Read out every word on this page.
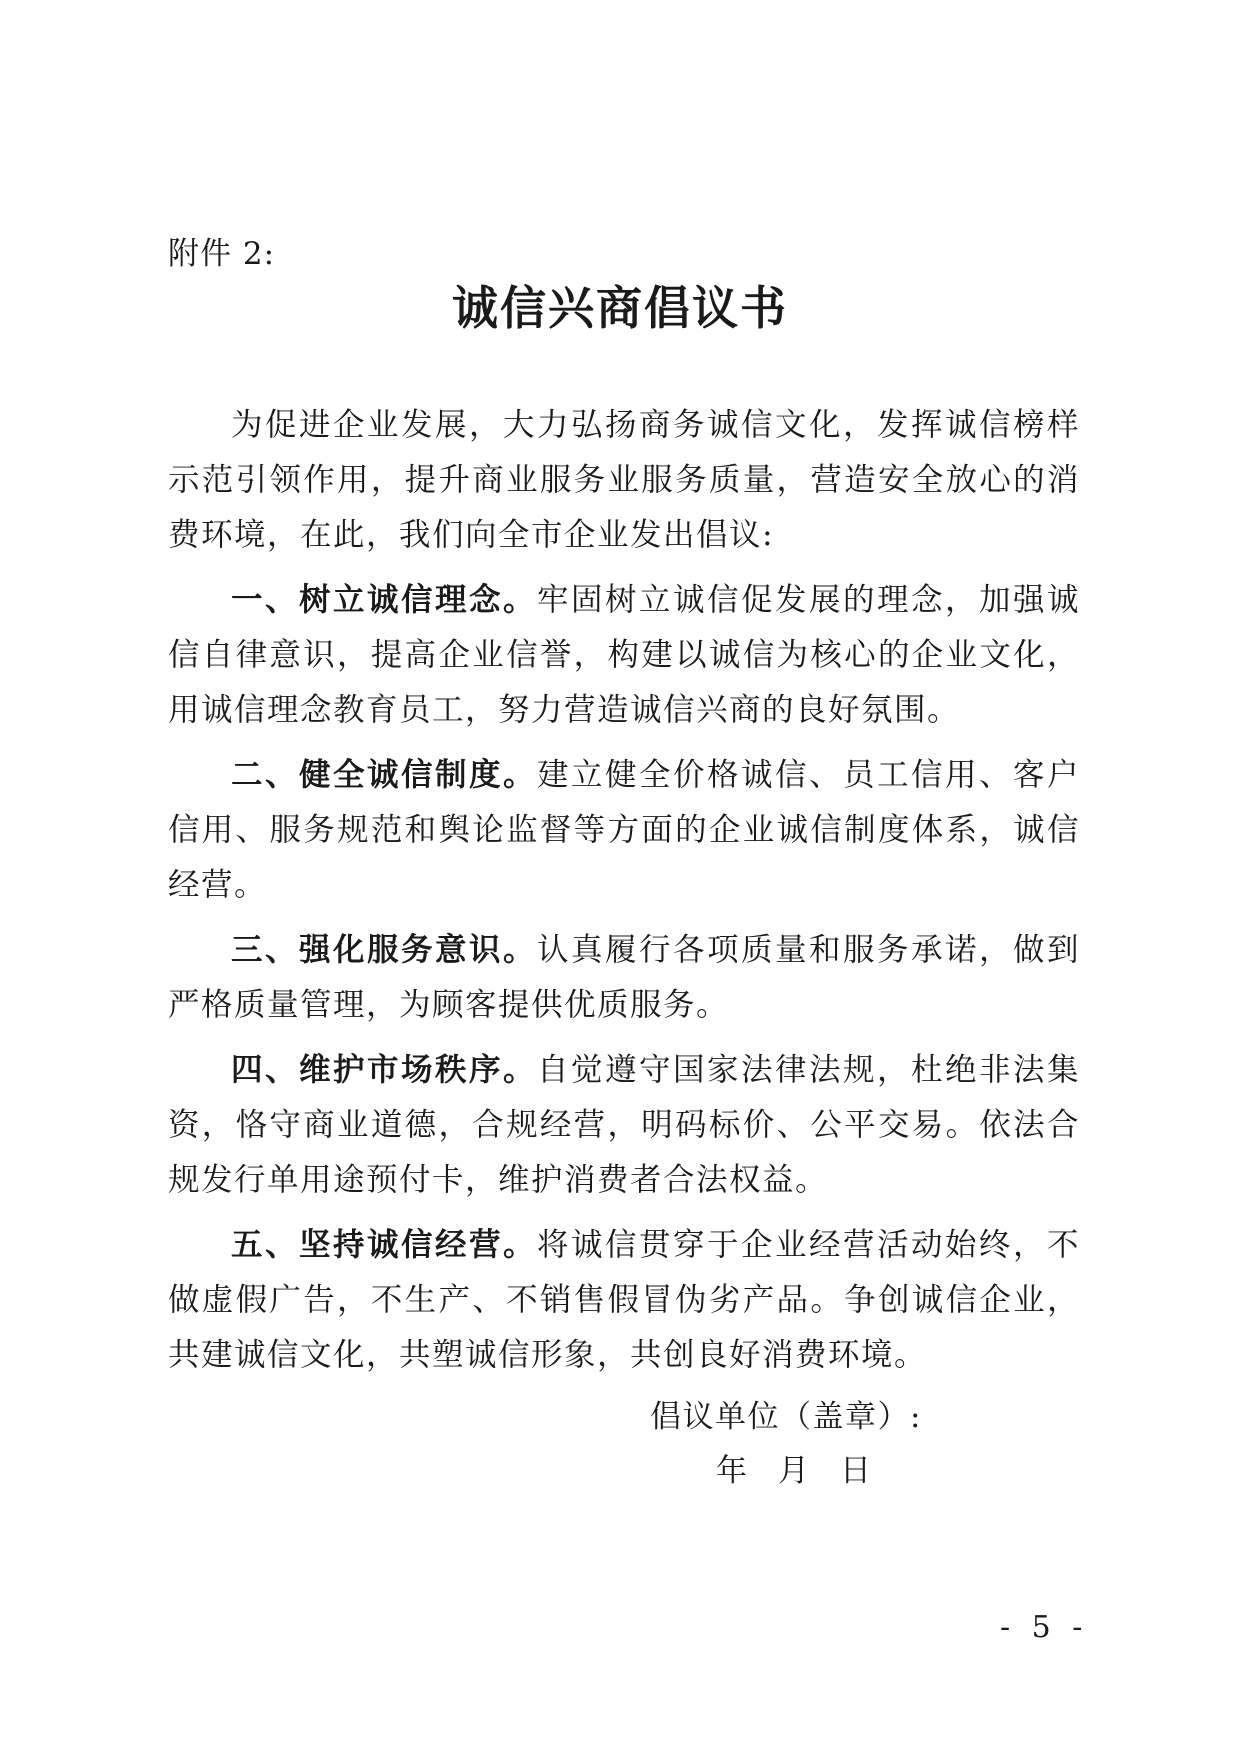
附件 2:
诚信兴商倡议书

为促进企业发展，大力弘扬商务诚信文化，发挥诚信榜样示范引领作用，提升商业服务业服务质量，营造安全放心的消费环境，在此，我们向全市企业发出倡议:

一、树立诚信理念。牢固树立诚信促发展的理念，加强诚信自律意识，提高企业信誉，构建以诚信为核心的企业文化，用诚信理念教育员工，努力营造诚信兴商的良好氛围。

二、健全诚信制度。建立健全价格诚信、员工信用、客户信用、服务规范和舆论监督等方面的企业诚信制度体系，诚信经营。

三、强化服务意识。认真履行各项质量和服务承诺，做到严格质量管理，为顾客提供优质服务。

四、维护市场秩序。自觉遵守国家法律法规，杜绝非法集资，恪守商业道德，合规经营，明码标价、公平交易。依法合规发行单用途预付卡，维护消费者合法权益。

五、坚持诚信经营。将诚信贯穿于企业经营活动始终，不做虚假广告，不生产、不销售假冒伪劣产品。争创诚信企业，共建诚信文化，共塑诚信形象，共创良好消费环境。

倡议单位（盖章）:
年　月　日
- 5 -
